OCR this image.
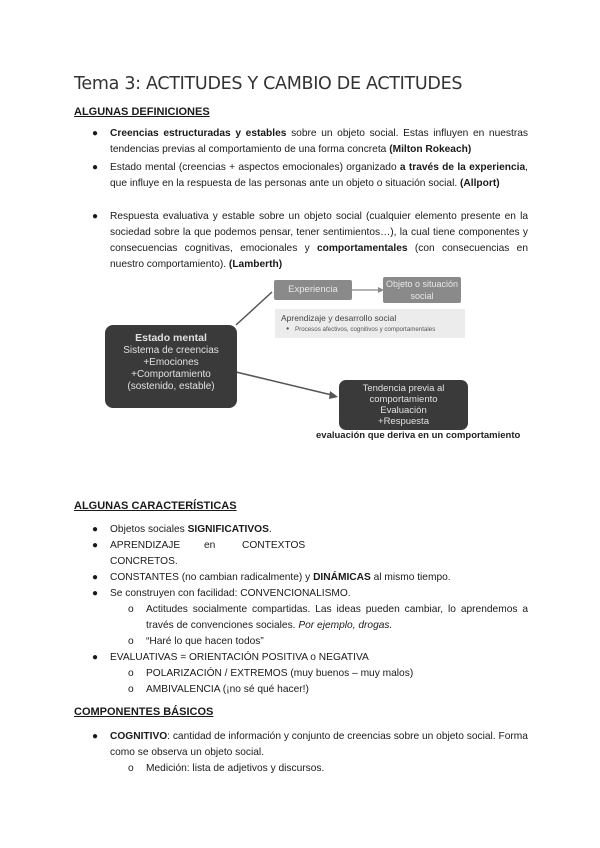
Tema 3: ACTITUDES Y CAMBIO DE ACTITUDES
ALGUNAS DEFINICIONES
● Creencias estructuradas y estables sobre un objeto social. Estas influyen en nuestras tendencias previas al comportamiento de una forma concreta (Milton Rokeach)
● Estado mental (creencias + aspectos emocionales) organizado a través de la experiencia, que influye en la respuesta de las personas ante un objeto o situación social. (Allport)
● Respuesta evaluativa y estable sobre un objeto social (cualquier elemento presente en la sociedad sobre la que podemos pensar, tener sentimientos…), la cual tiene componentes y consecuencias cognitivas, emocionales y comportamentales (con consecuencias en nuestro comportamiento). (Lamberth)
Experiencia	Objeto o situación social
Aprendizaje y desarrollo social
● Procesos afectivos, cognitivos y comportamentales
Estado mental
Sistema de creencias
+Emociones
+Comportamiento
(sostenido, estable)	Tendencia previa al
comportamiento
Evaluación
+Respuesta
evaluación que deriva en un comportamiento
ALGUNAS CARACTERÍSTICAS
● Objetos sociales SIGNIFICATIVOS.
● APRENDIZAJE en	CONTEXTOS
CONCRETOS.
● CONSTANTES (no cambian radicalmente) y DINÁMICAS al mismo tiempo.
● Se construyen con facilidad: CONVENCIONALISMO.
o Actitudes socialmente compartidas. Las ideas pueden cambiar, lo aprendemos a través de convenciones sociales. Por ejemplo, drogas.
o “Haré lo que hacen todos”
● EVALUATIVAS = ORIENTACIÓN POSITIVA o NEGATIVA
o POLARIZACIÓN / EXTREMOS (muy buenos – muy malos)
o AMBIVALENCIA (¡no sé qué hacer!)
COMPONENTES BÁSICOS
● COGNITIVO: cantidad de información y conjunto de creencias sobre un objeto social. Forma como se observa un objeto social.
o Medición: lista de adjetivos y discursos.
